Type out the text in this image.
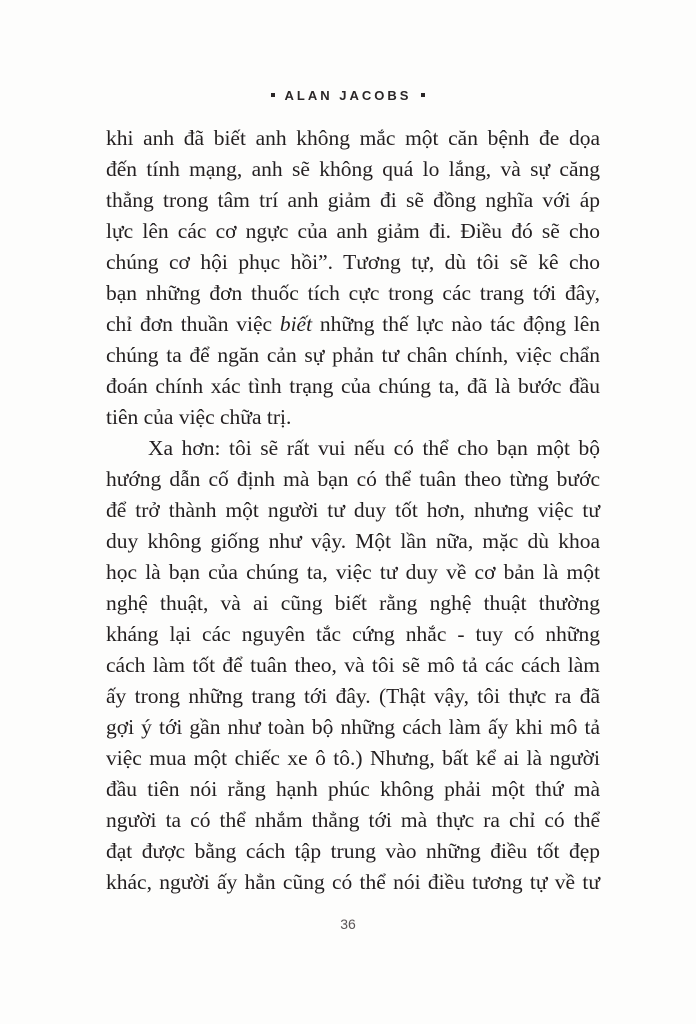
ALAN JACOBS
khi anh đã biết anh không mắc một căn bệnh đe dọa
đến tính mạng, anh sẽ không quá lo lắng, và sự căng
thẳng trong tâm trí anh giảm đi sẽ đồng nghĩa với áp
lực lên các cơ ngực của anh giảm đi. Điều đó sẽ cho
chúng cơ hội phục hồi”. Tương tự, dù tôi sẽ kê cho
bạn những đơn thuốc tích cực trong các trang tới đây,
chỉ đơn thuần việc biết những thế lực nào tác động lên
chúng ta để ngăn cản sự phản tư chân chính, việc chẩn
đoán chính xác tình trạng của chúng ta, đã là bước đầu
tiên của việc chữa trị.
Xa hơn: tôi sẽ rất vui nếu có thể cho bạn một bộ
hướng dẫn cố định mà bạn có thể tuân theo từng bước
để trở thành một người tư duy tốt hơn, nhưng việc tư
duy không giống như vậy. Một lần nữa, mặc dù khoa
học là bạn của chúng ta, việc tư duy về cơ bản là một
nghệ thuật, và ai cũng biết rằng nghệ thuật thường
kháng lại các nguyên tắc cứng nhắc - tuy có những
cách làm tốt để tuân theo, và tôi sẽ mô tả các cách làm
ấy trong những trang tới đây. (Thật vậy, tôi thực ra đã
gợi ý tới gần như toàn bộ những cách làm ấy khi mô tả
việc mua một chiếc xe ô tô.) Nhưng, bất kể ai là người
đầu tiên nói rằng hạnh phúc không phải một thứ mà
người ta có thể nhắm thẳng tới mà thực ra chỉ có thể
đạt được bằng cách tập trung vào những điều tốt đẹp
khác, người ấy hẳn cũng có thể nói điều tương tự về tư
36
